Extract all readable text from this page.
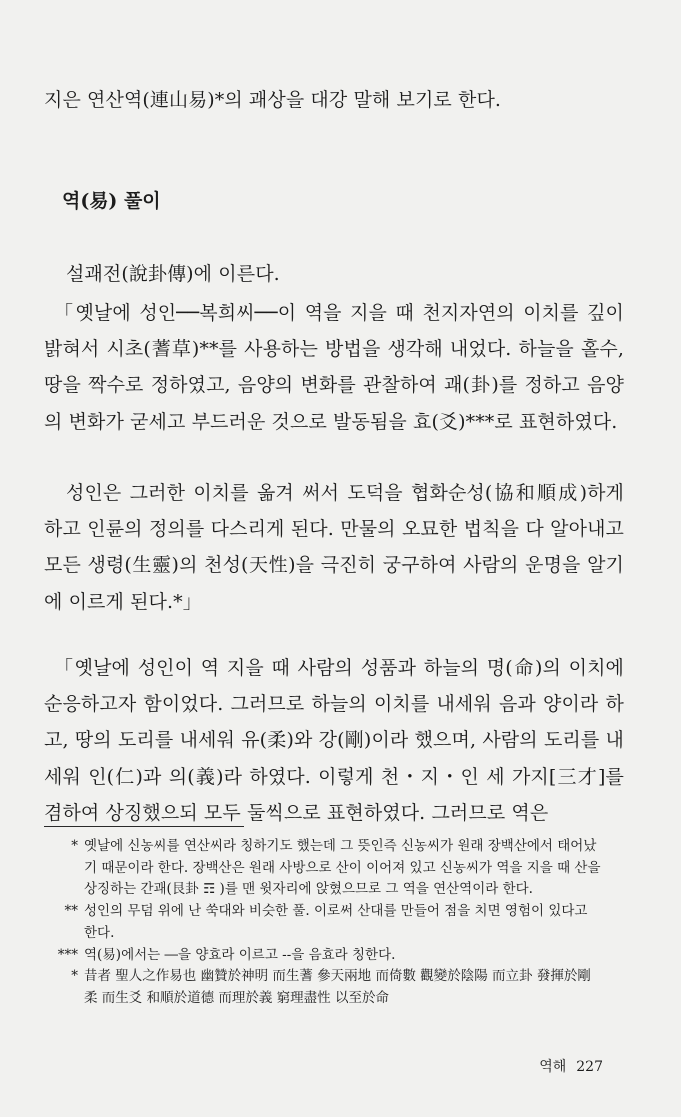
지은 연산역(連山易)*의 괘상을 대강 말해 보기로 한다.

역(易) 풀이

설괘전(說卦傳)에 이른다.

「옛날에 성인──복희씨──이 역을 지을 때 천지자연의 이치를 깊이 밝혀서 시초(蓍草)**를 사용하는 방법을 생각해 내었다. 하늘을 홀수, 땅을 짝수로 정하였고, 음양의 변화를 관찰하여 괘(卦)를 정하고 음양의 변화가 굳세고 부드러운 것으로 발동됨을 효(爻)***로 표현하였다.

성인은 그러한 이치를 옮겨 써서 도덕을 협화순성(協和順成)하게 하고 인륜의 정의를 다스리게 된다. 만물의 오묘한 법칙을 다 알아내고 모든 생령(生靈)의 천성(天性)을 극진히 궁구하여 사람의 운명을 알기에 이르게 된다.*」

「옛날에 성인이 역 지을 때 사람의 성품과 하늘의 명(命)의 이치에 순응하고자 함이었다. 그러므로 하늘의 이치를 내세워 음과 양이라 하고, 땅의 도리를 내세워 유(柔)와 강(剛)이라 했으며, 사람의 도리를 내세워 인(仁)과 의(義)라 하였다. 이렇게 천・지・인 세 가지[三才]를 겸하여 상징했으되 모두 둘씩으로 표현하였다. 그러므로 역은

* 옛날에 신농씨를 연산씨라 칭하기도 했는데 그 뜻인즉 신농씨가 원래 장백산에서 태어났기 때문이라 한다. 장백산은 원래 사방으로 산이 이어져 있고 신농씨가 역을 지을 때 산을 상징하는 간괘(艮卦 ☶ )를 맨 윗자리에 앉혔으므로 그 역을 연산역이라 한다.
** 성인의 무덤 위에 난 쑥대와 비슷한 풀. 이로써 산대를 만들어 점을 치면 영험이 있다고 한다.
*** 역(易)에서는 ―을 양효라 이르고 --을 음효라 칭한다.
* 昔者 聖人之作易也 幽贊於神明 而生蓍 參天兩地 而倚數 觀變於陰陽 而立卦 發揮於剛柔 而生爻 和順於道德 而理於義 窮理盡性 以至於命
역해 227
